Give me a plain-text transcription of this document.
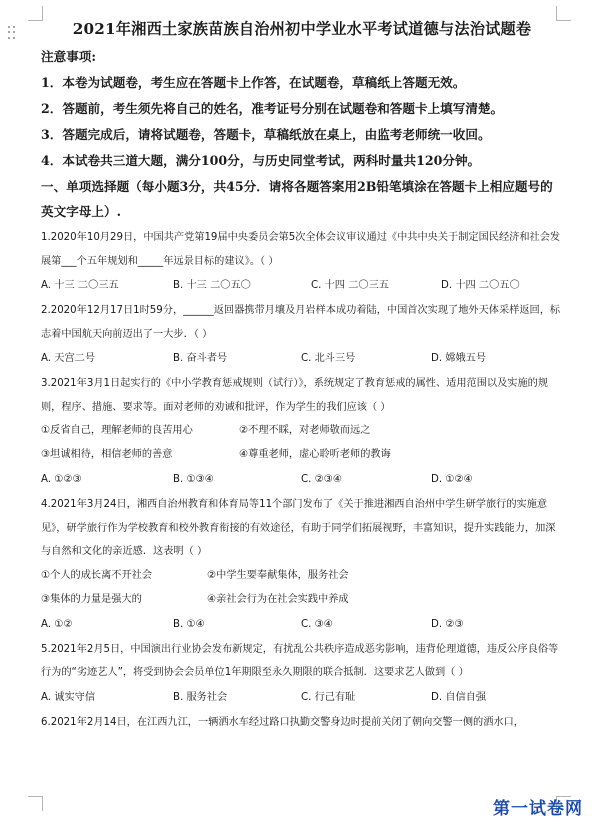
2021年湘西土家族苗族自治州初中学业水平考试道德与法治试题卷
注意事项:
1．本卷为试题卷，考生应在答题卡上作答，在试题卷，草稿纸上答题无效。
2．答题前，考生须先将自己的姓名，准考证号分别在试题卷和答题卡上填写清楚。
3．答题完成后，请将试题卷，答题卡，草稿纸放在桌上，由监考老师统一收回。
4．本试卷共三道大题，满分100分，与历史同堂考试，两科时量共120分钟。
一、单项选择题（每小题3分，共45分．请将各题答案用2B铅笔填涂在答题卡上相应题号的英文字母上）.
1.2020年10月29日，中国共产党第19届中央委员会第5次全体会议审议通过《中共中央关于制定国民经济和社会发展第___个五年规划和_____年远景目标的建议》。（ ）
A. 十三 二〇三五	B. 十三 二〇五〇	C. 十四 二〇三五	D. 十四 二〇五〇
2.2020年12月17日1时59分，______返回器携带月壤及月岩样本成功着陆，中国首次实现了地外天体采样返回，标志着中国航天向前迈出了一大步．（ ）
A. 天宫二号	B. 奋斗者号	C. 北斗三号	D. 嫦娥五号
3.2021年3月1日起实行的《中小学教育惩戒规则（试行）》，系统规定了教育惩戒的属性、适用范围以及实施的规则，程序、措施、要求等。面对老师的劝诫和批评，作为学生的我们应该（ ）
①反省自己，理解老师的良苦用心	②不理不睬，对老师敬而远之
③坦诚相待，相信老师的善意	④尊重老师，虚心聆听老师的教诲
A. ①②③	B. ①③④	C. ②③④	D. ①②④
4.2021年3月24日，湘西自治州教育和体育局等11个部门发布了《关于推进湘西自治州中学生研学旅行的实施意见》，研学旅行作为学校教育和校外教育衔接的有效途径，有助于同学们拓展视野，丰富知识，提升实践能力，加深与自然和文化的亲近感．这表明（ ）
①个人的成长离不开社会	②中学生要奉献集体，服务社会
③集体的力量是强大的	④亲社会行为在社会实践中养成
A. ①②	B. ①④	C. ③④	D. ②③
5.2021年2月5日，中国演出行业协会发布新规定，有扰乱公共秩序造成恶劣影响，违背伦理道德，违反公序良俗等行为的“劣迹艺人”，将受到协会会员单位1年期限至永久期限的联合抵制．这要求艺人做到（ ）
A. 诚实守信	B. 服务社会	C. 行己有耻	D. 自信自强
6.2021年2月14日，在江西九江，一辆洒水车经过路口执勤交警身边时提前关闭了朝向交警一侧的洒水口，
第一试卷网
